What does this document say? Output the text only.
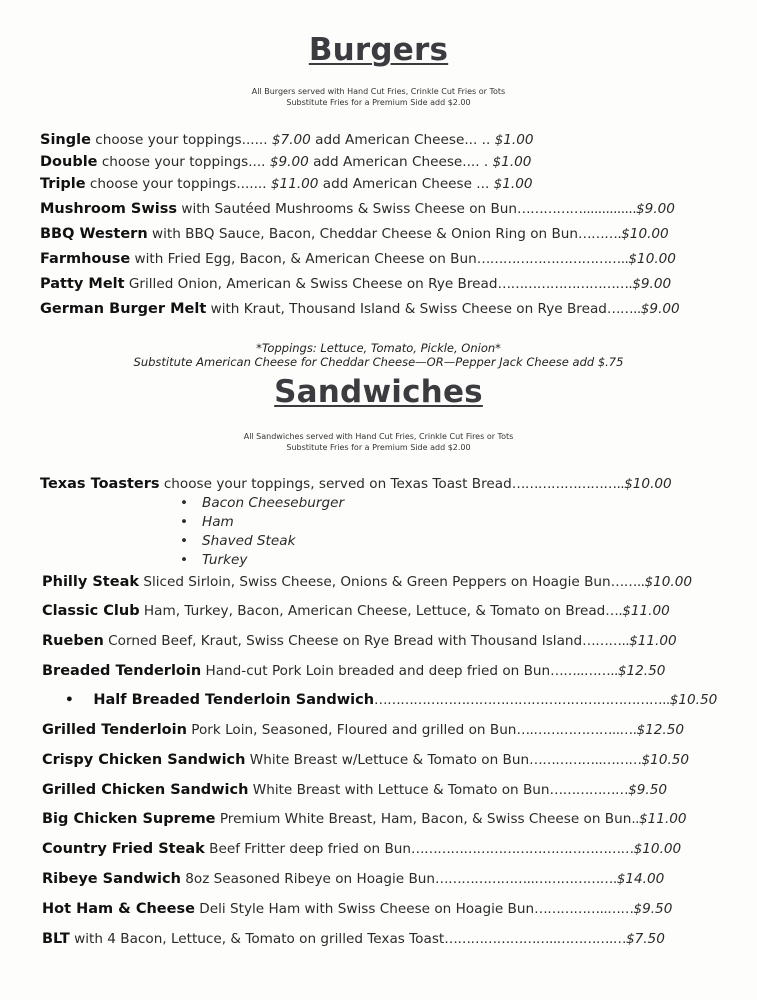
Burgers
All Burgers served with Hand Cut Fries, Crinkle Cut Fries or Tots
Substitute Fries for a Premium Side add $2.00
Single choose your toppings...... $7.00 add American Cheese... .. $1.00
Double choose your toppings.... $9.00 add American Cheese.... . $1.00
Triple choose your toppings....... $11.00 add American Cheese ... $1.00
Mushroom Swiss with Sautéed Mushrooms & Swiss Cheese on Bun……………..............$9.00
BBQ Western with BBQ Sauce, Bacon, Cheddar Cheese & Onion Ring on Bun……….$10.00
Farmhouse with Fried Egg, Bacon, & American Cheese on Bun……………………………..$10.00
Patty Melt Grilled Onion, American & Swiss Cheese on Rye Bread………………………….$9.00
German Burger Melt with Kraut, Thousand Island & Swiss Cheese on Rye Bread……..$9.00
*Toppings: Lettuce, Tomato, Pickle, Onion*
Substitute American Cheese for Cheddar Cheese—OR—Pepper Jack Cheese add $.75
Sandwiches
All Sandwiches served with Hand Cut Fries, Crinkle Cut Fires or Tots
Substitute Fries for a Premium Side add $2.00
Texas Toasters choose your toppings, served on Texas Toast Bread……………………..$10.00
• Bacon Cheeseburger
• Ham
• Shaved Steak
• Turkey
Philly Steak Sliced Sirloin, Swiss Cheese, Onions & Green Peppers on Hoagie Bun……..$10.00
Classic Club Ham, Turkey, Bacon, American Cheese, Lettuce, & Tomato on Bread….$11.00
Rueben Corned Beef, Kraut, Swiss Cheese on Rye Bread with Thousand Island………..$11.00
Breaded Tenderloin Hand-cut Pork Loin breaded and deep fried on Bun……..……..$12.50
• Half Breaded Tenderloin Sandwich…………………………………………………………..$10.50
Grilled Tenderloin Pork Loin, Seasoned, Floured and grilled on Bun….………………..….$12.50
Crispy Chicken Sandwich White Breast w/Lettuce & Tomato on Bun……………..………$10.50
Grilled Chicken Sandwich White Breast with Lettuce & Tomato on Bun………………$9.50
Big Chicken Supreme Premium White Breast, Ham, Bacon, & Swiss Cheese on Bun..$11.00
Country Fried Steak Beef Fritter deep fried on Bun……………………………………………$10.00
Ribeye Sandwich 8oz Seasoned Ribeye on Hoagie Bun…………………..……………….$14.00
Hot Ham & Cheese Deli Style Ham with Swiss Cheese on Hoagie Bun……………..……$9.50
BLT with 4 Bacon, Lettuce, & Tomato on grilled Texas Toast……………………..………….…$7.50
